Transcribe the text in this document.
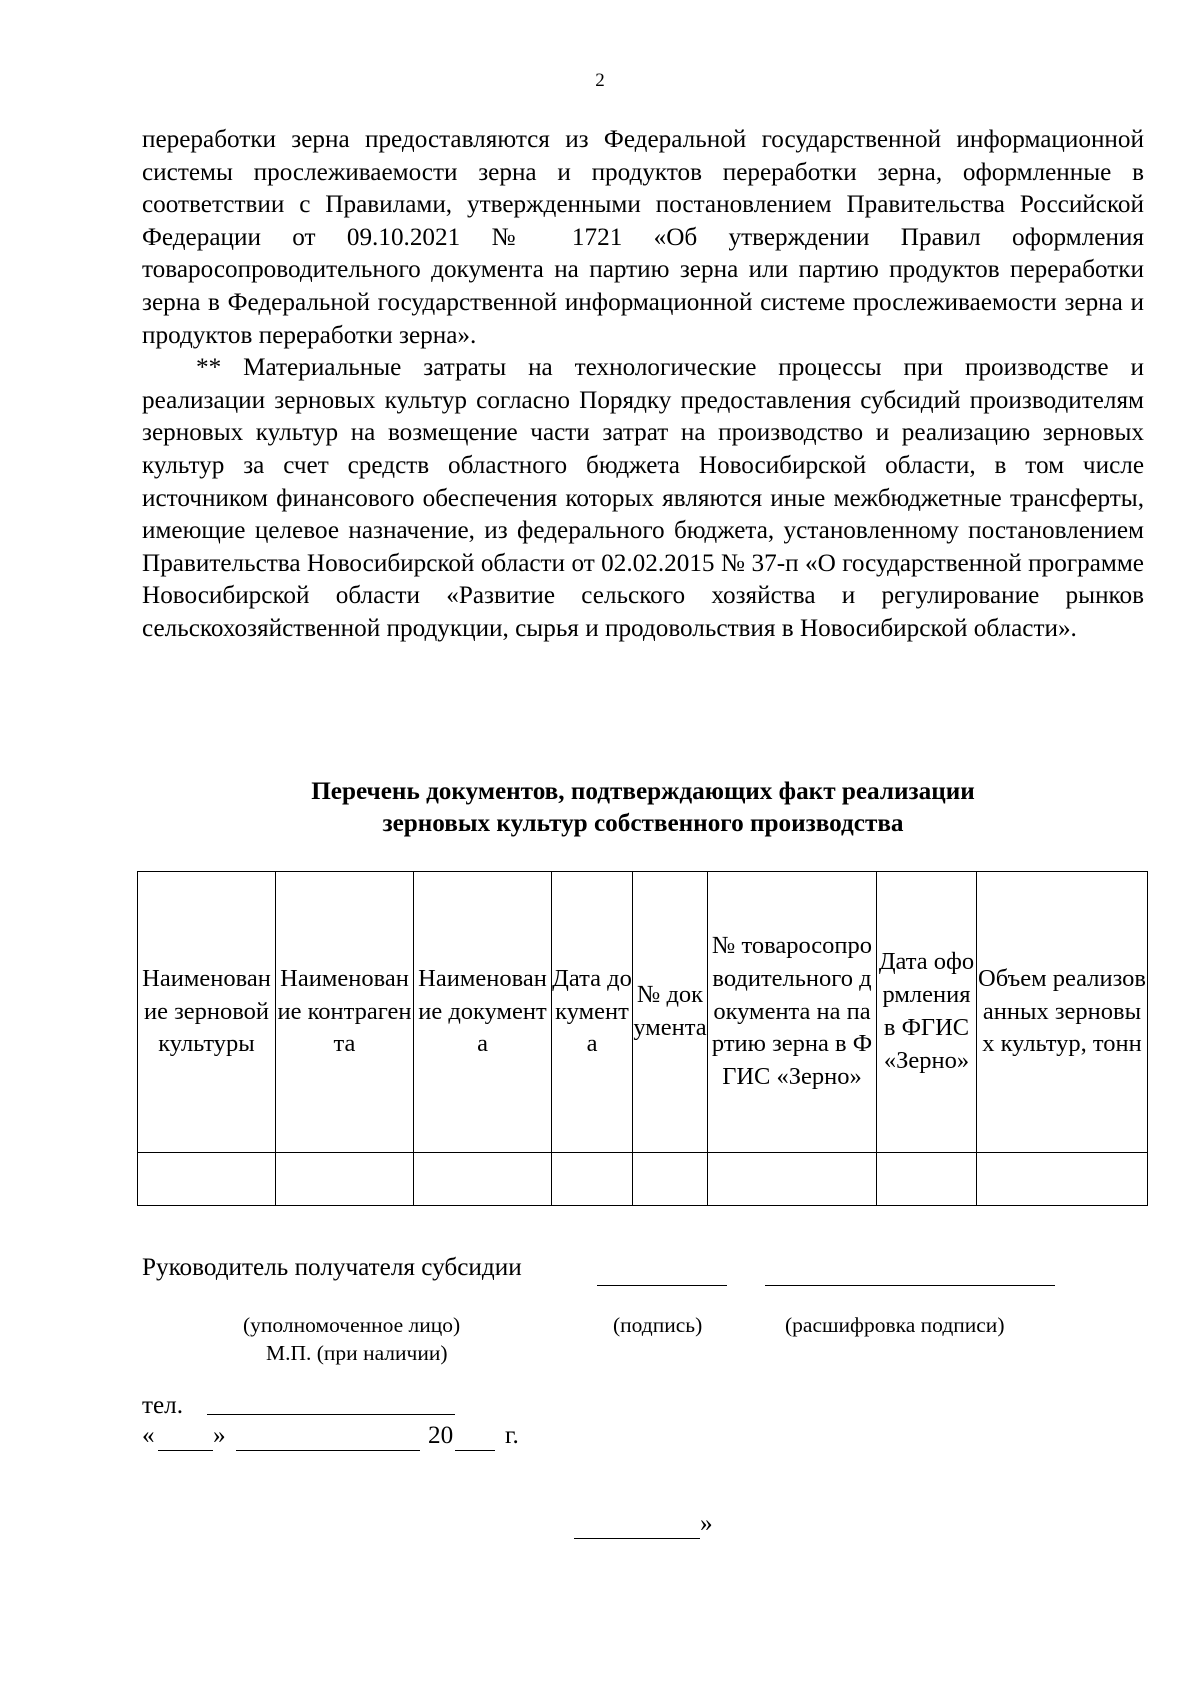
2

переработки зерна предоставляются из Федеральной государственной информационной системы прослеживаемости зерна и продуктов переработки зерна, оформленные в соответствии с Правилами, утвержденными постановлением Правительства Российской Федерации от 09.10.2021 № 1721 «Об утверждении Правил оформления товаросопроводительного документа на партию зерна или партию продуктов переработки зерна в Федеральной государственной информационной системе прослеживаемости зерна и продуктов переработки зерна».

** Материальные затраты на технологические процессы при производстве и реализации зерновых культур согласно Порядку предоставления субсидий производителям зерновых культур на возмещение части затрат на производство и реализацию зерновых культур за счет средств областного бюджета Новосибирской области, в том числе источником финансового обеспечения которых являются иные межбюджетные трансферты, имеющие целевое назначение, из федерального бюджета, установленному постановлением Правительства Новосибирской области от 02.02.2015 № 37-п «О государственной программе Новосибирской области «Развитие сельского хозяйства и регулирование рынков сельскохозяйственной продукции, сырья и продовольствия в Новосибирской области».

Перечень документов, подтверждающих факт реализации
зерновых культур собственного производства
Наименование зерновой культуры	Наименование контрагента	Наименование документа	Дата документа	№ документа	№ товаросопроводительного документа на партию зерна в ФГИС «Зерно»	Дата оформления в ФГИС «Зерно»	Объем реализованных зерновых культур, тонн

Руководитель получателя субсидии
(уполномоченное лицо)	(подпись)	(расшифровка подписи)
М.П. (при наличии)
тел.
« »	20 г.
»
